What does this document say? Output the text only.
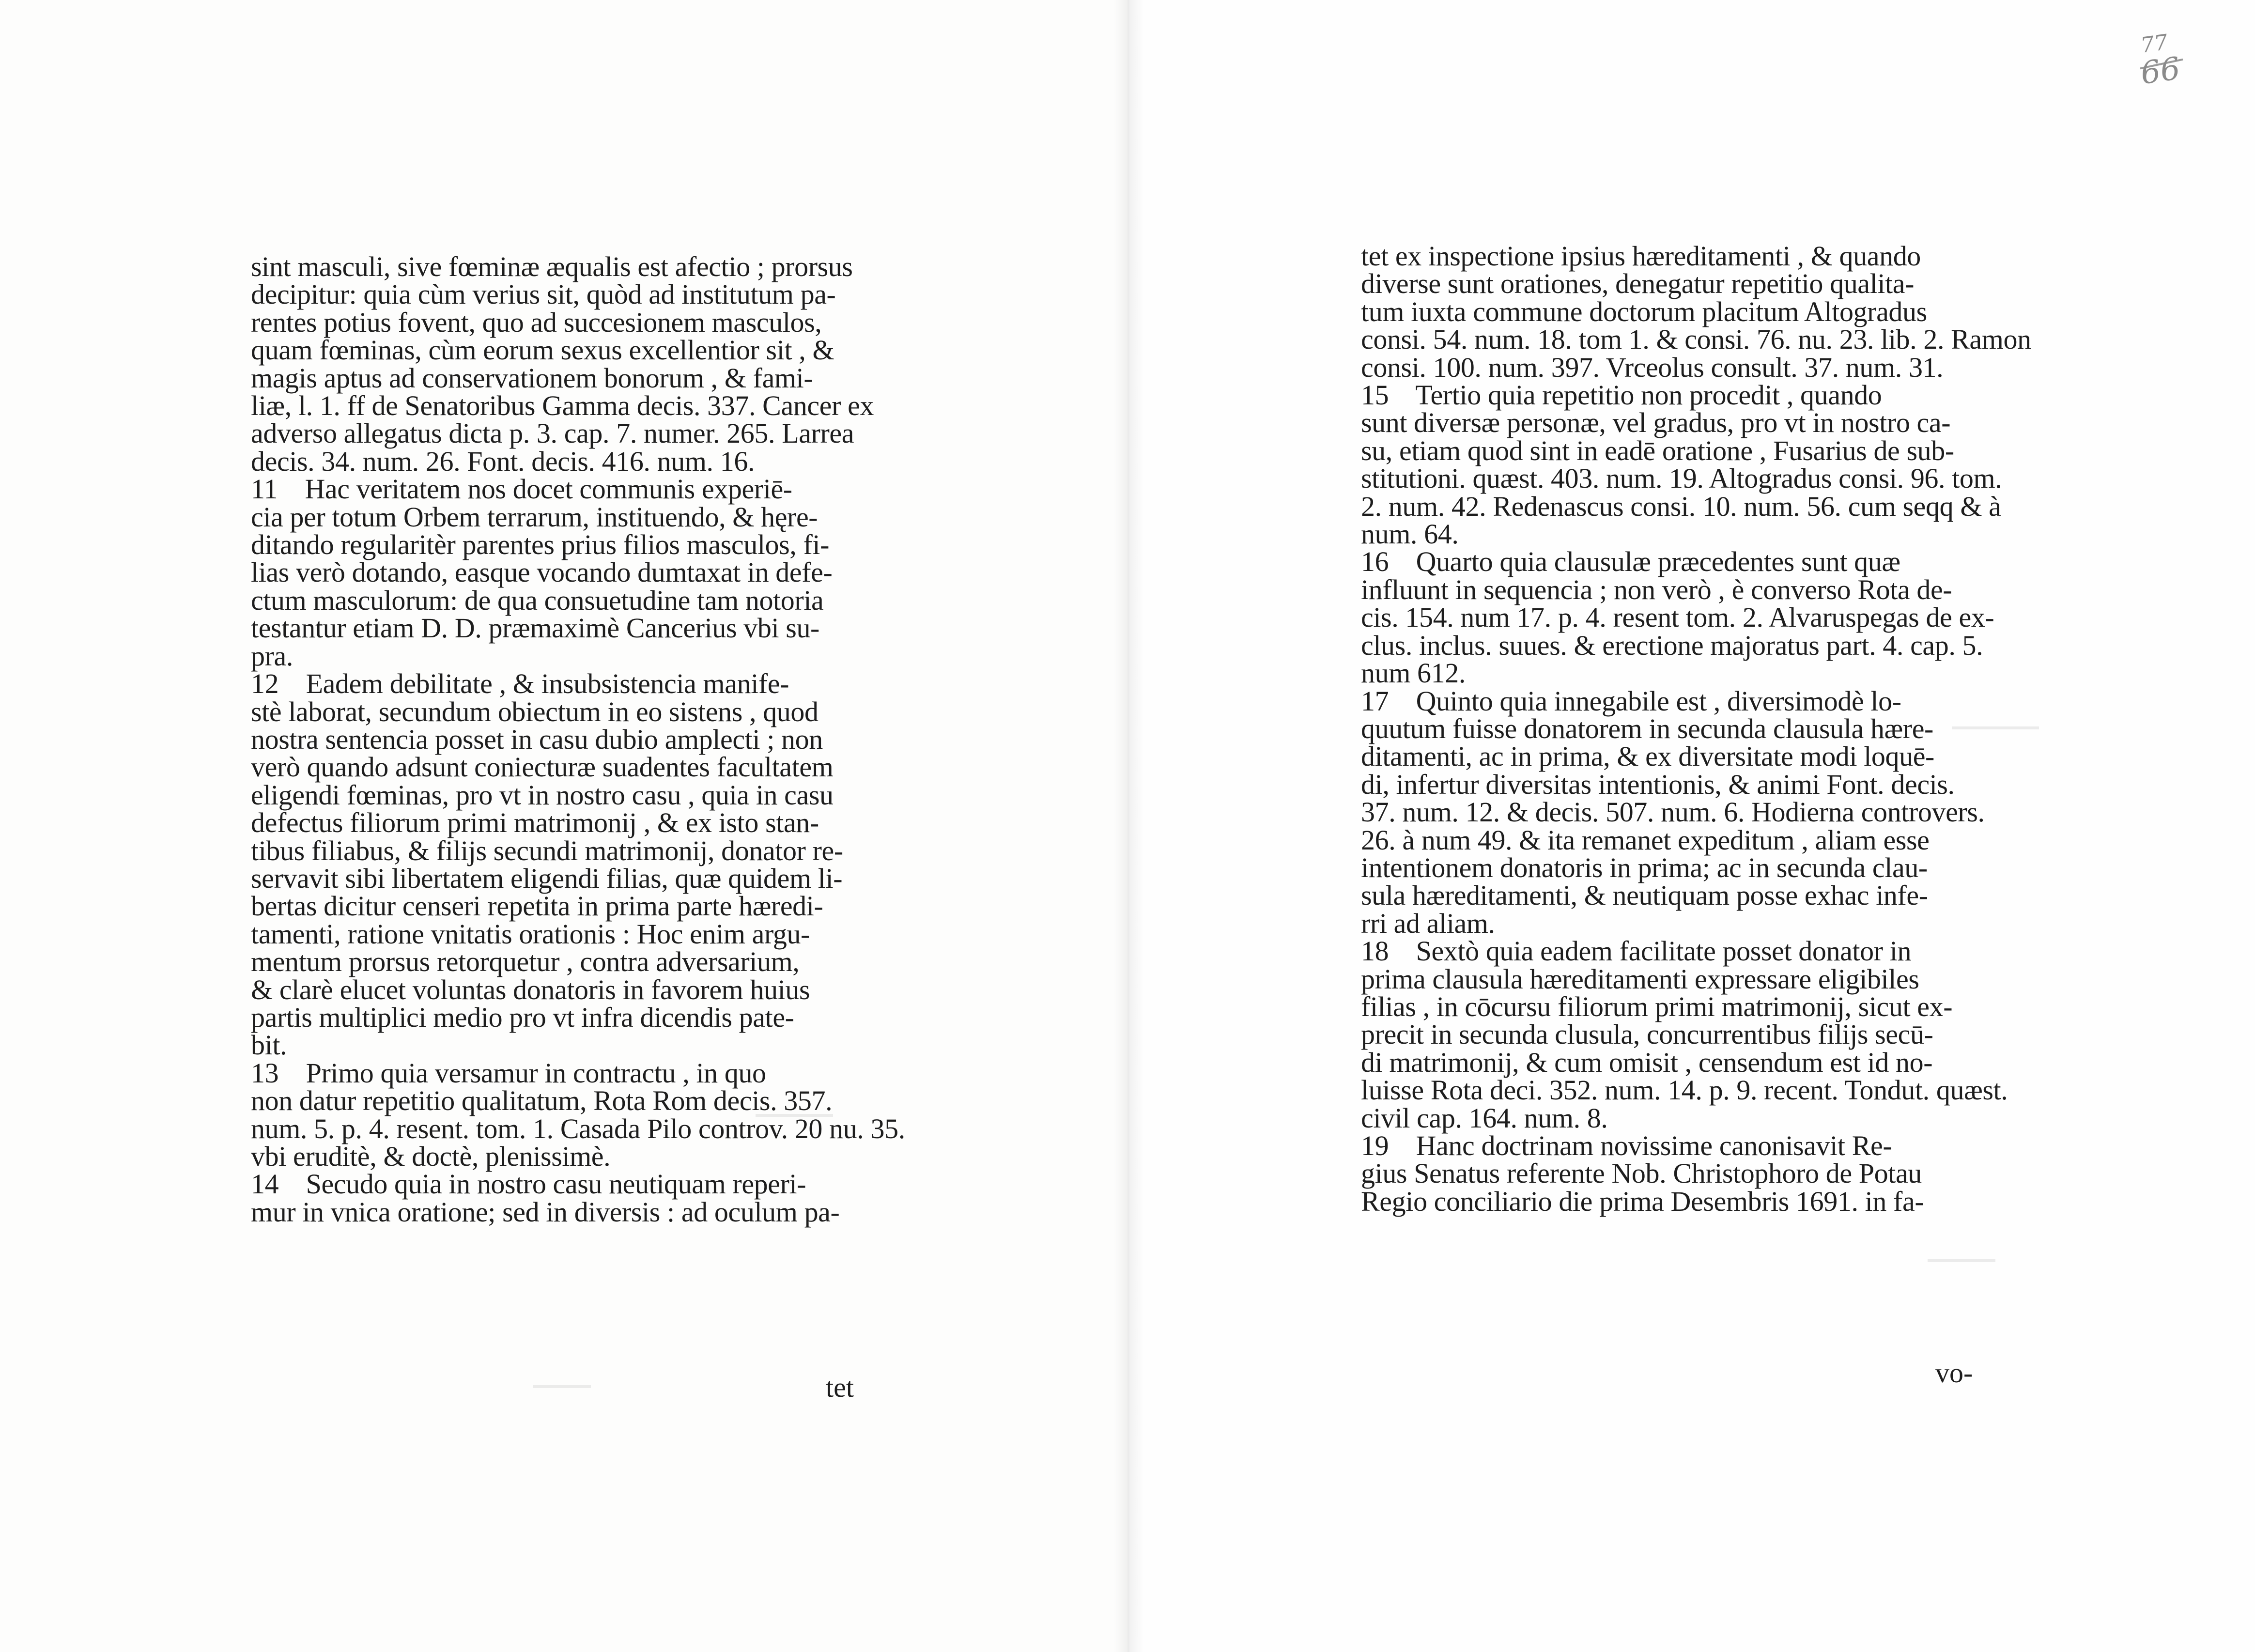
sint masculi, sive fœminæ æqualis est afectio ; prorsus
decipitur: quia cùm verius sit, quòd ad institutum pa-
rentes potius fovent, quo ad succesionem masculos,
quam fœminas, cùm eorum sexus excellentior sit , &
magis aptus ad conservationem bonorum , & fami-
liæ, l. 1. ff de Senatoribus Gamma decis. 337. Cancer ex
adverso allegatus dicta p. 3. cap. 7. numer. 265. Larrea
decis. 34. num. 26. Font. decis. 416. num. 16.
11    Hac veritatem nos docet communis experiē-
cia per totum Orbem terrarum, instituendo, & hęre-
ditando regularitèr parentes prius filios masculos, fi-
lias verò dotando, easque vocando dumtaxat in defe-
ctum masculorum: de qua consuetudine tam notoria
testantur etiam D. D. præmaximè Cancerius vbi su-
pra.
12    Eadem debilitate , & insubsistencia manife-
stè laborat, secundum obiectum in eo sistens , quod
nostra sentencia posset in casu dubio amplecti ; non
verò quando adsunt coniecturæ suadentes facultatem
eligendi fœminas, pro vt in nostro casu , quia in casu
defectus filiorum primi matrimonij , & ex isto stan-
tibus filiabus, & filijs secundi matrimonij, donator re-
servavit sibi libertatem eligendi filias, quæ quidem li-
bertas dicitur censeri repetita in prima parte hæredi-
tamenti, ratione vnitatis orationis : Hoc enim argu-
mentum prorsus retorquetur , contra adversarium,
& clarè elucet voluntas donatoris in favorem huius
partis multiplici medio pro vt infra dicendis pate-
bit.
13    Primo quia versamur in contractu , in quo
non datur repetitio qualitatum, Rota Rom decis. 357.
num. 5. p. 4. resent. tom. 1. Casada Pilo controv. 20 nu. 35.
vbi eruditè, & doctè, plenissimè.
14    Secudo quia in nostro casu neutiquam reperi-
mur in vnica oratione; sed in diversis : ad oculum pa-
tet
tet ex inspectione ipsius hæreditamenti , & quando
diverse sunt orationes, denegatur repetitio qualita-
tum iuxta commune doctorum placitum Altogradus
consi. 54. num. 18. tom 1. & consi. 76. nu. 23. lib. 2. Ramon
consi. 100. num. 397. Vrceolus consult. 37. num. 31.
15    Tertio quia repetitio non procedit , quando
sunt diversæ personæ, vel gradus, pro vt in nostro ca-
su, etiam quod sint in eadē oratione , Fusarius de sub-
stitutioni. quæst. 403. num. 19. Altogradus consi. 96. tom.
2. num. 42. Redenascus consi. 10. num. 56. cum seqq & à
num. 64.
16    Quarto quia clausulæ præcedentes sunt quæ
influunt in sequencia ; non verò , è converso Rota de-
cis. 154. num 17. p. 4. resent tom. 2. Alvaruspegas de ex-
clus. inclus. suues. & erectione majoratus part. 4. cap. 5.
num 612.
17    Quinto quia innegabile est , diversimodè lo-
quutum fuisse donatorem in secunda clausula hære-
ditamenti, ac in prima, & ex diversitate modi loquē-
di, infertur diversitas intentionis, & animi Font. decis.
37. num. 12. & decis. 507. num. 6. Hodierna controvers.
26. à num 49. & ita remanet expeditum , aliam esse
intentionem donatoris in prima; ac in secunda clau-
sula hæreditamenti, & neutiquam posse exhac infe-
rri ad aliam.
18    Sextò quia eadem facilitate posset donator in
prima clausula hæreditamenti expressare eligibiles
filias , in cōcursu filiorum primi matrimonij, sicut ex-
precit in secunda clusula, concurrentibus filijs secū-
di matrimonij, & cum omisit , censendum est id no-
luisse Rota deci. 352. num. 14. p. 9. recent. Tondut. quæst.
civil cap. 164. num. 8.
19    Hanc doctrinam novissime canonisavit Re-
gius Senatus referente Nob. Christophoro de Potau
Regio conciliario die prima Desembris 1691. in fa-
vo-
77
66
